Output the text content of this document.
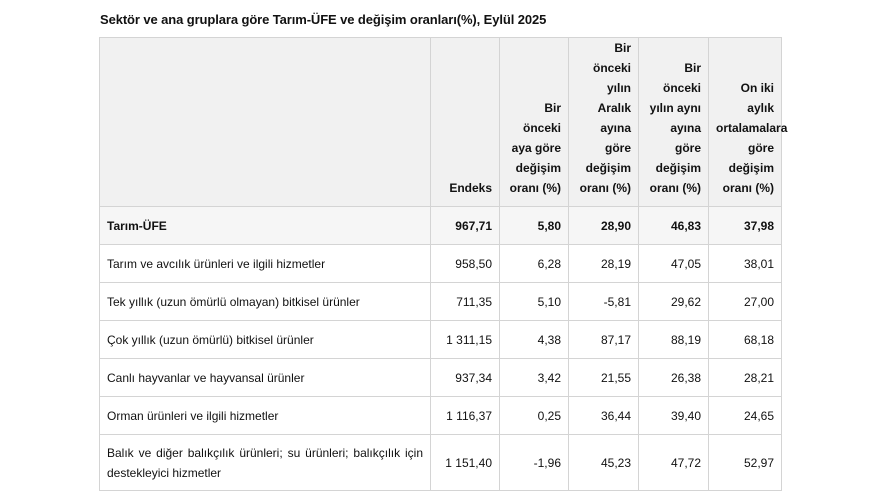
Sektör ve ana gruplara göre Tarım-ÜFE ve değişim oranları(%), Eylül 2025
	Endeks	Bir önceki aya göre değişim oranı (%)	Bir önceki yılın Aralık ayına göre değişim oranı (%)	Bir önceki yılın aynı ayına göre değişim oranı (%)	On iki aylık ortalamalara göre değişim oranı (%)
Tarım-ÜFE	967,71	5,80	28,90	46,83	37,98
Tarım ve avcılık ürünleri ve ilgili hizmetler	958,50	6,28	28,19	47,05	38,01
Tek yıllık (uzun ömürlü olmayan) bitkisel ürünler	711,35	5,10	-5,81	29,62	27,00
Çok yıllık (uzun ömürlü) bitkisel ürünler	1 311,15	4,38	87,17	88,19	68,18
Canlı hayvanlar ve hayvansal ürünler	937,34	3,42	21,55	26,38	28,21
Orman ürünleri ve ilgili hizmetler	1 116,37	0,25	36,44	39,40	24,65

Balık ve diğer balıkçılık ürünleri; su ürünleri; balıkçılık için destekleyici hizmetler	1 151,40	-1,96	45,23	47,72	52,97
